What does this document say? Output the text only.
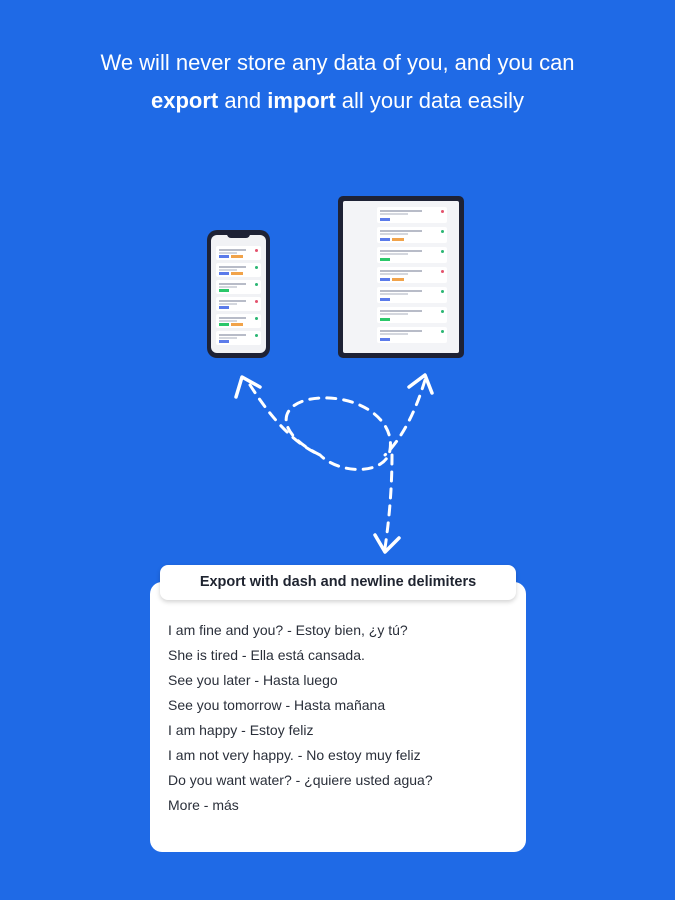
We will never store any data of you, and you can
export and import all your data easily
I am fine and you? - Estoy bien, ¿y tú?
She is tired - Ella está cansada.
See you later - Hasta luego
See you tomorrow - Hasta mañana
I am happy - Estoy feliz
I am not very happy. - No estoy muy feliz
Do you want water? - ¿quiere usted agua?
More - más
Export with dash and newline delimiters
